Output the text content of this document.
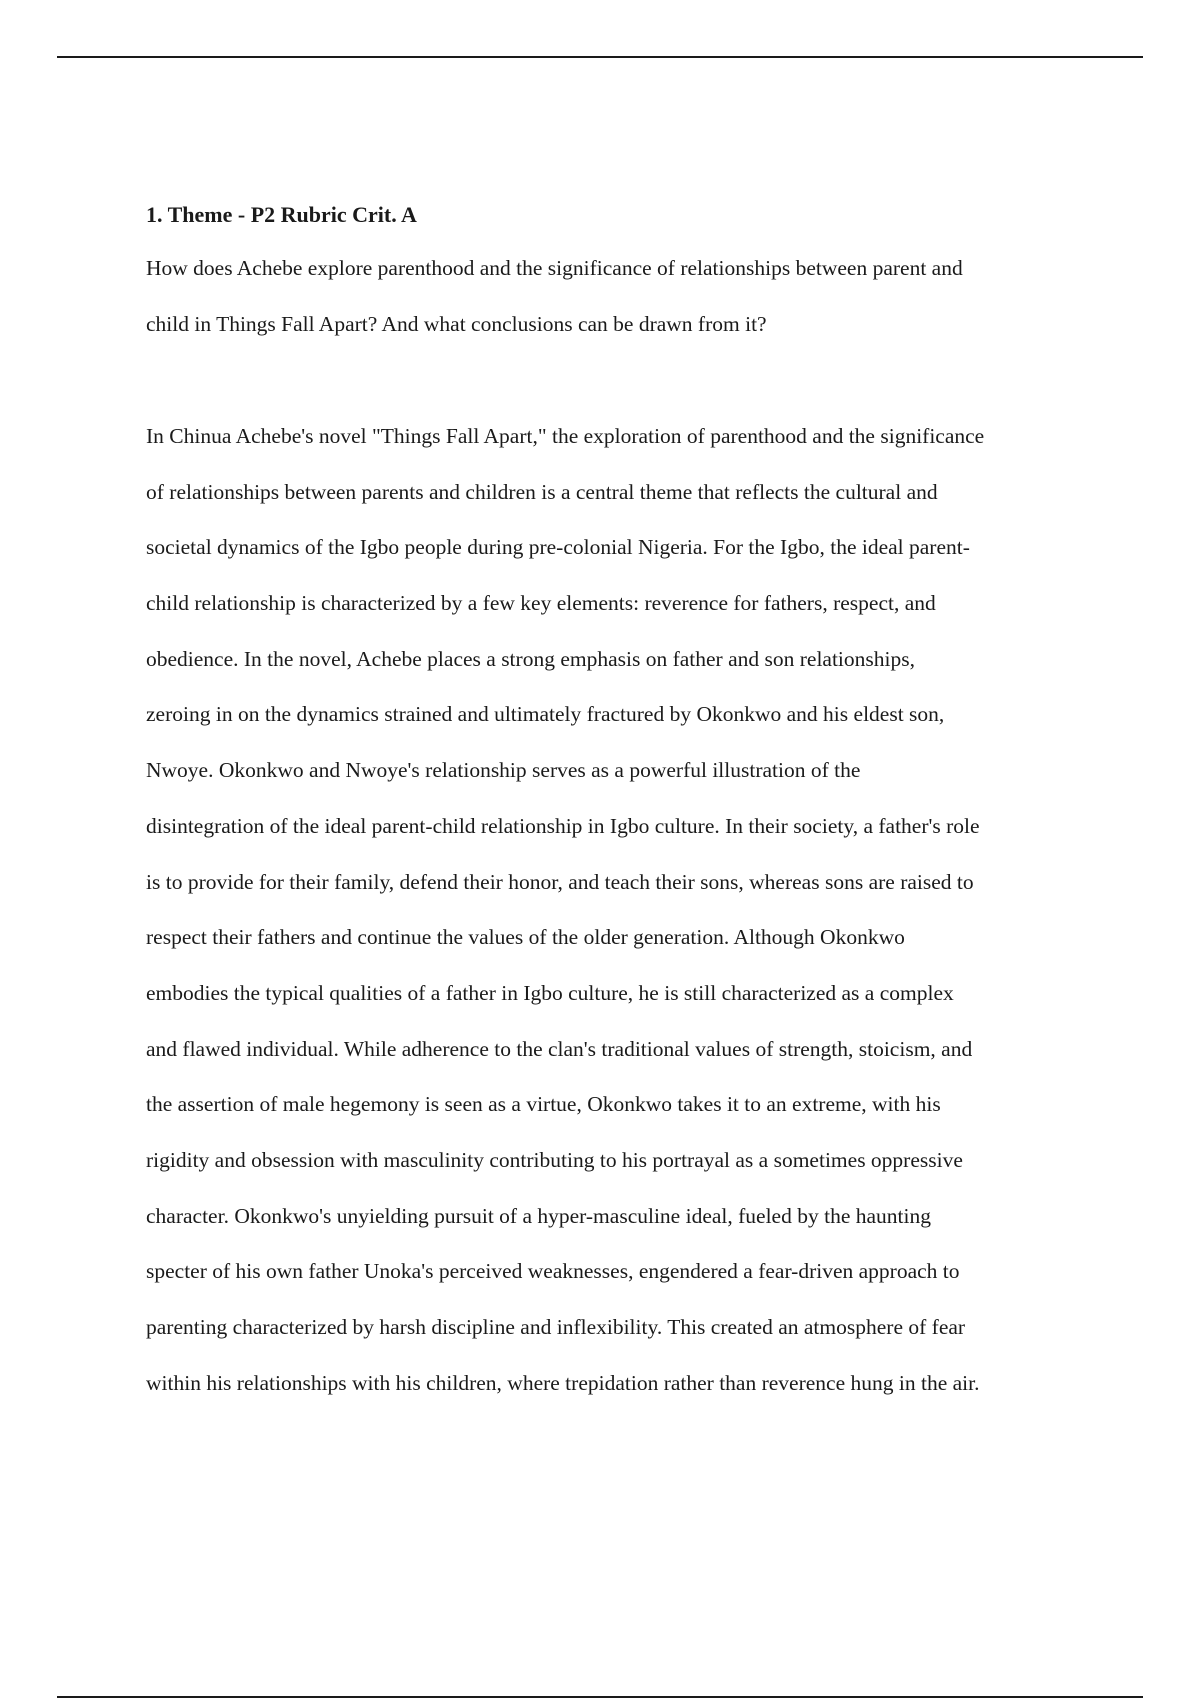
1. Theme - P2 Rubric Crit. A
How does Achebe explore parenthood and the significance of relationships between parent and
child in Things Fall Apart? And what conclusions can be drawn from it?
In Chinua Achebe's novel "Things Fall Apart," the exploration of parenthood and the significance
of relationships between parents and children is a central theme that reflects the cultural and
societal dynamics of the Igbo people during pre-colonial Nigeria. For the Igbo, the ideal parent-
child relationship is characterized by a few key elements: reverence for fathers, respect, and
obedience. In the novel, Achebe places a strong emphasis on father and son relationships,
zeroing in on the dynamics strained and ultimately fractured by Okonkwo and his eldest son,
Nwoye. Okonkwo and Nwoye's relationship serves as a powerful illustration of the
disintegration of the ideal parent-child relationship in Igbo culture. In their society, a father's role
is to provide for their family, defend their honor, and teach their sons, whereas sons are raised to
respect their fathers and continue the values of the older generation. Although Okonkwo
embodies the typical qualities of a father in Igbo culture, he is still characterized as a complex
and flawed individual. While adherence to the clan's traditional values of strength, stoicism, and
the assertion of male hegemony is seen as a virtue, Okonkwo takes it to an extreme, with his
rigidity and obsession with masculinity contributing to his portrayal as a sometimes oppressive
character. Okonkwo's unyielding pursuit of a hyper-masculine ideal, fueled by the haunting
specter of his own father Unoka's perceived weaknesses, engendered a fear-driven approach to
parenting characterized by harsh discipline and inflexibility. This created an atmosphere of fear
within his relationships with his children, where trepidation rather than reverence hung in the air.
